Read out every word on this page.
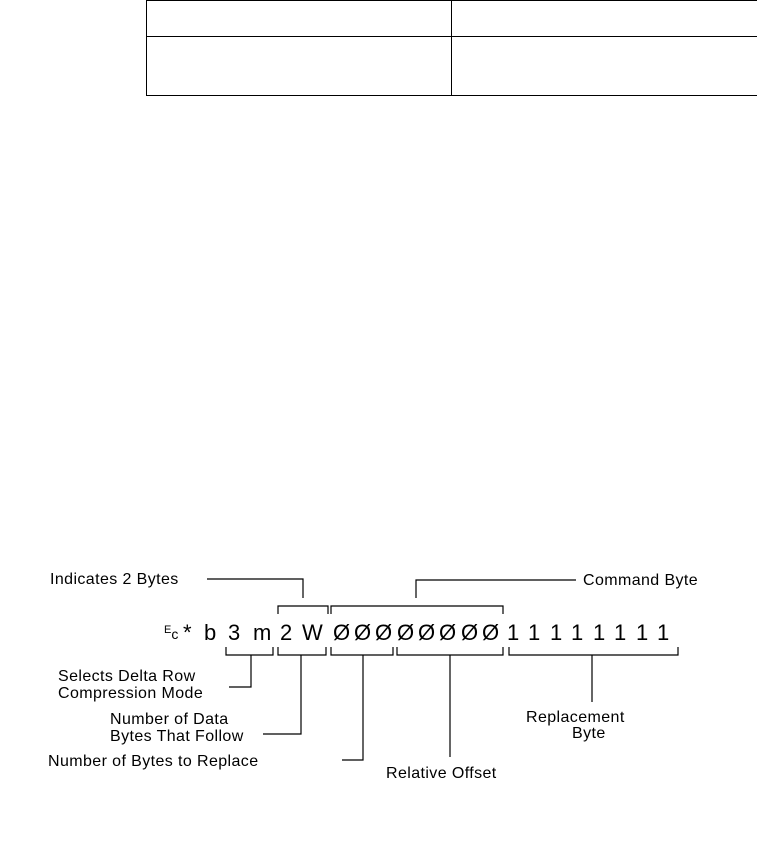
Indicates 2 Bytes	Command Byte
$^E$c * b 3 m 2 W Ø Ø Ø Ø Ø Ø Ø Ø 1 1 1 1 1 1 1 1
Selects Delta Row
Compression Mode
Number of Data
Bytes That Follow
Number of Bytes to Replace
Replacement
Byte
Relative Offset
